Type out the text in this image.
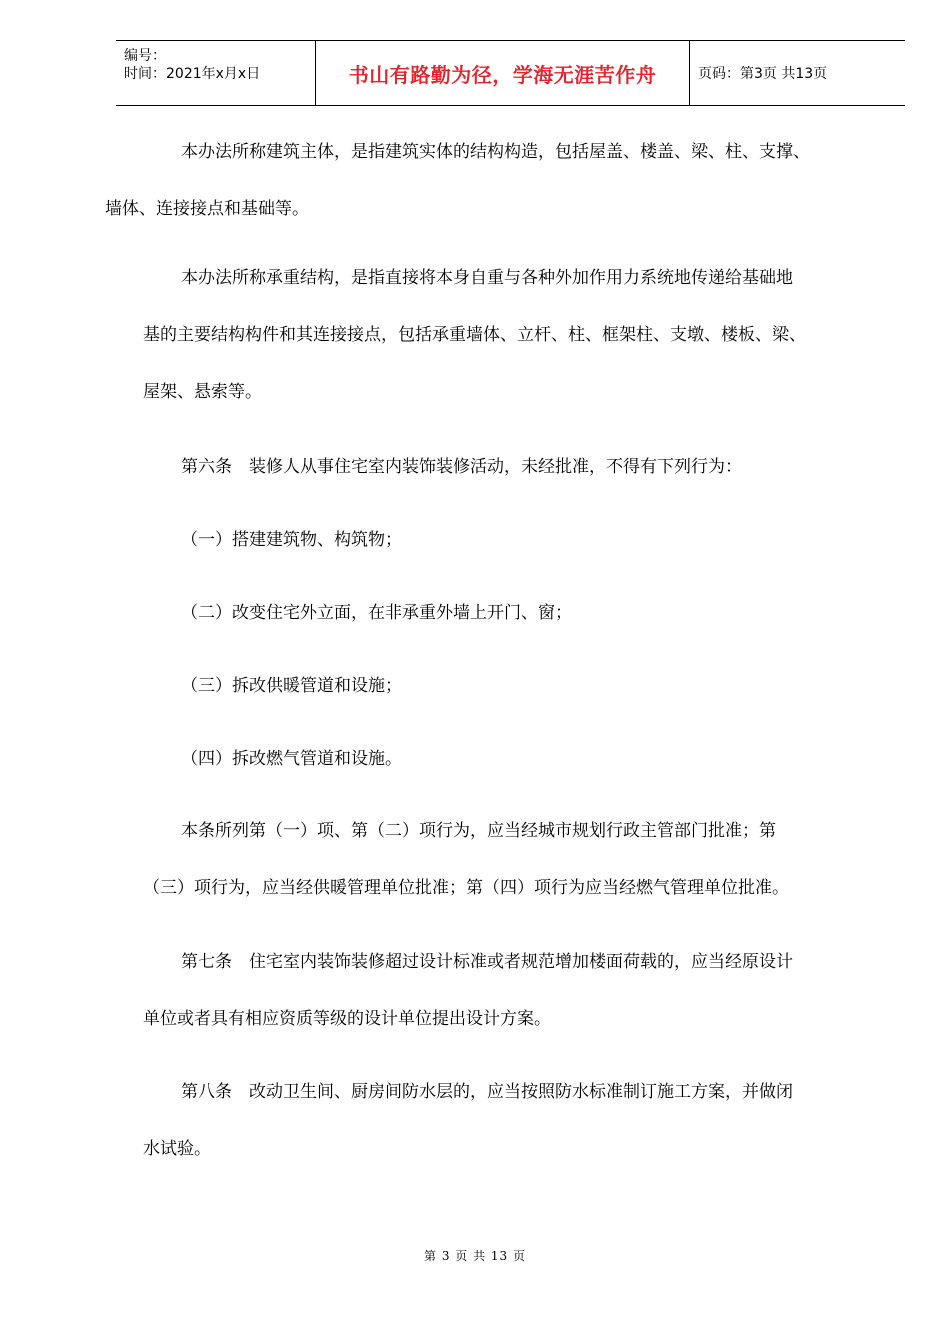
编号：
时间：2021年x月x日	书山有路勤为径，学海无涯苦作舟	页码：第3页 共13页

本办法所称建筑主体，是指建筑实体的结构构造，包括屋盖、楼盖、梁、柱、支撑、
墙体、连接接点和基础等。

本办法所称承重结构，是指直接将本身自重与各种外加作用力系统地传递给基础地
基的主要结构构件和其连接接点，包括承重墙体、立杆、柱、框架柱、支墩、楼板、梁、
屋架、悬索等。

第六条　装修人从事住宅室内装饰装修活动，未经批准，不得有下列行为：

（一）搭建建筑物、构筑物；

（二）改变住宅外立面，在非承重外墙上开门、窗；

（三）拆改供暖管道和设施；

（四）拆改燃气管道和设施。

本条所列第（一）项、第（二）项行为，应当经城市规划行政主管部门批准；第
（三）项行为，应当经供暖管理单位批准；第（四）项行为应当经燃气管理单位批准。

第七条　住宅室内装饰装修超过设计标准或者规范增加楼面荷载的，应当经原设计
单位或者具有相应资质等级的设计单位提出设计方案。

第八条　改动卫生间、厨房间防水层的，应当按照防水标准制订施工方案，并做闭
水试验。

第 3 页 共 13 页
